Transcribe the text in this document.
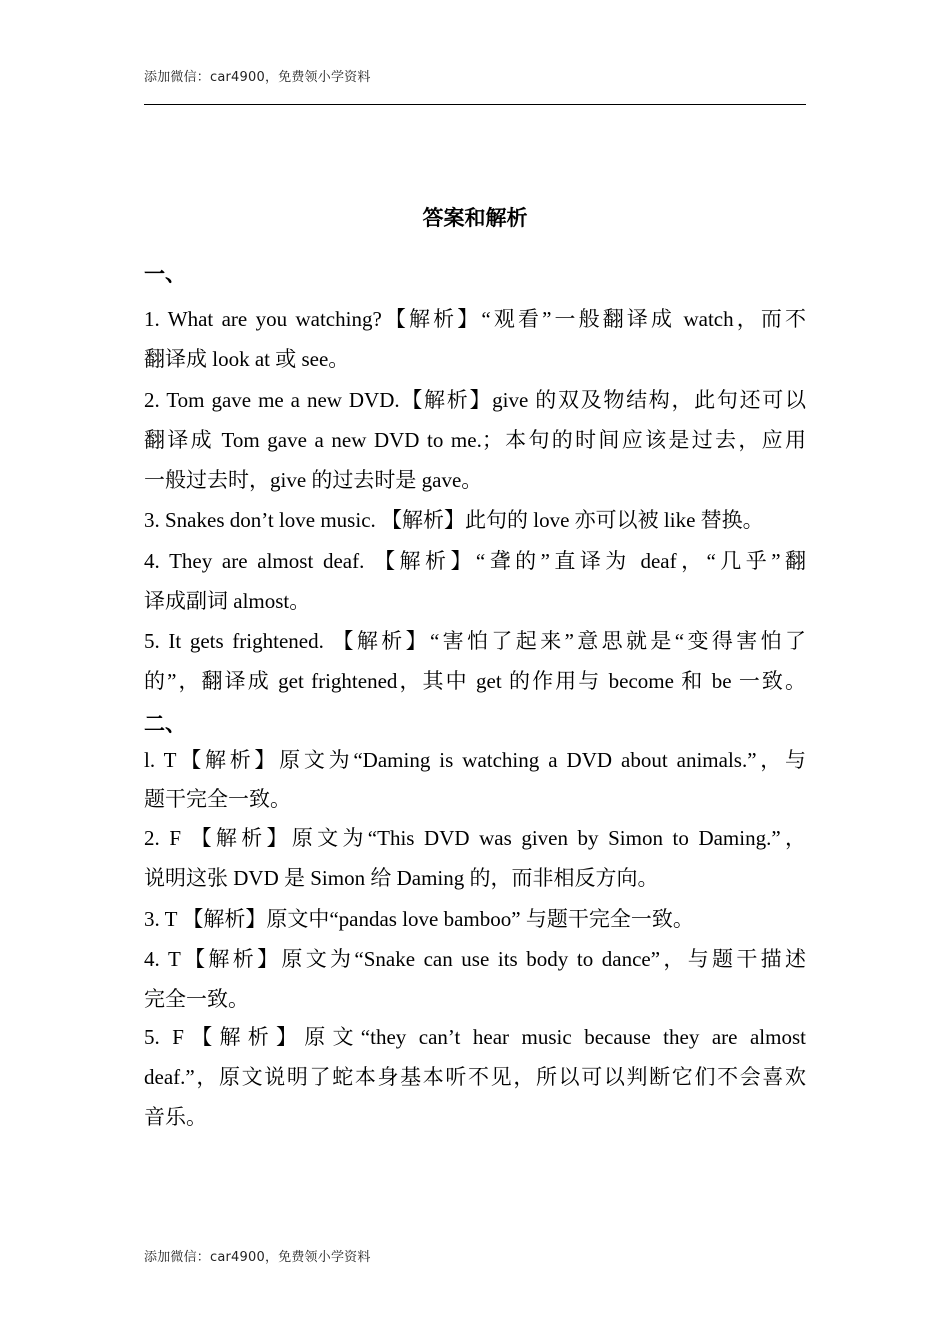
添加微信：car4900，免费领小学资料
答案和解析
一、
1. What are you watching?【解析】“观看”一般翻译成 watch，而不
翻译成 look at 或 see。
2. Tom gave me a new DVD.【解析】give 的双及物结构，此句还可以
翻译成 Tom gave a new DVD to me.；本句的时间应该是过去，应用
一般过去时，give 的过去时是 gave。
3. Snakes don’t love music. 【解析】此句的 love 亦可以被 like 替换。
4. They are almost deaf. 【解析】“聋的”直译为 deaf，“几乎”翻
译成副词 almost。
5. It gets frightened. 【解析】“害怕了起来”意思就是“变得害怕了
的”，翻译成 get frightened，其中 get 的作用与 become 和 be 一致。
二、
l. T【解析】原文为“Daming is watching a DVD about animals.”，与
题干完全一致。
2. F 【解析】原文为“This DVD was given by Simon to Daming.”，
说明这张 DVD 是 Simon 给 Daming 的，而非相反方向。
3. T 【解析】原文中“pandas love bamboo” 与题干完全一致。
4. T【解析】原文为“Snake can use its body to dance”，与题干描述
完全一致。
5. F【解析】原文“they can’t hear music because they are almost
deaf.”，原文说明了蛇本身基本听不见，所以可以判断它们不会喜欢
音乐。
添加微信：car4900，免费领小学资料
